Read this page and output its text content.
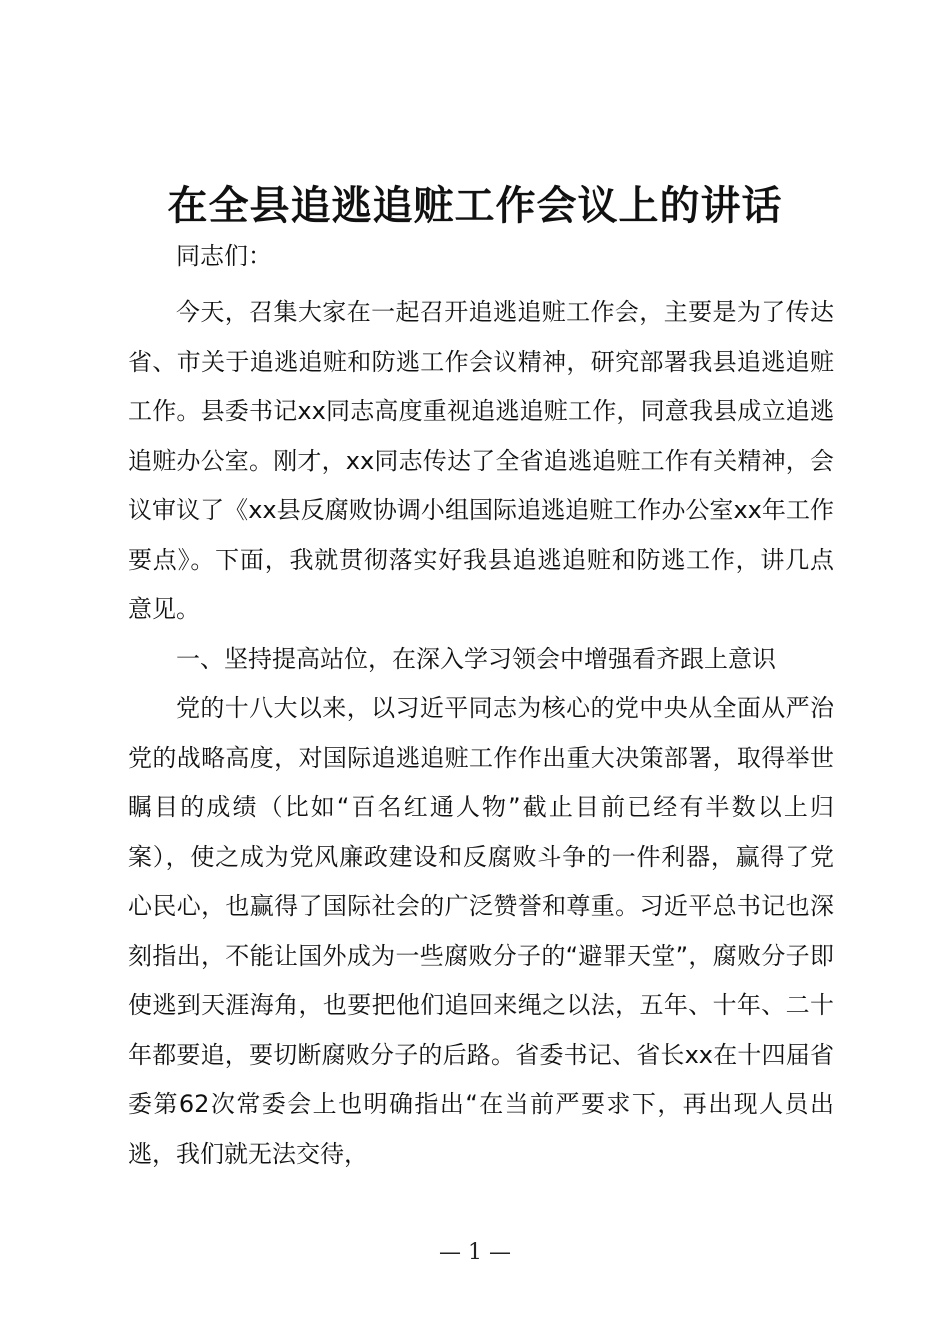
在全县追逃追赃工作会议上的讲话

同志们：

今天，召集大家在一起召开追逃追赃工作会，主要是为了传达省、市关于追逃追赃和防逃工作会议精神，研究部署我县追逃追赃工作。县委书记xx同志高度重视追逃追赃工作，同意我县成立追逃追赃办公室。刚才，xx同志传达了全省追逃追赃工作有关精神，会议审议了《xx县反腐败协调小组国际追逃追赃工作办公室xx年工作要点》。下面，我就贯彻落实好我县追逃追赃和防逃工作，讲几点意见。

一、坚持提高站位，在深入学习领会中增强看齐跟上意识

党的十八大以来，以习近平同志为核心的党中央从全面从严治党的战略高度，对国际追逃追赃工作作出重大决策部署，取得举世瞩目的成绩（比如“百名红通人物”截止目前已经有半数以上归案），使之成为党风廉政建设和反腐败斗争的一件利器，赢得了党心民心，也赢得了国际社会的广泛赞誉和尊重。习近平总书记也深刻指出，不能让国外成为一些腐败分子的“避罪天堂”，腐败分子即使逃到天涯海角，也要把他们追回来绳之以法，五年、十年、二十年都要追，要切断腐败分子的后路。省委书记、省长xx在十四届省委第62次常委会上也明确指出“在当前严要求下，再出现人员出逃，我们就无法交待，

— 1 —
